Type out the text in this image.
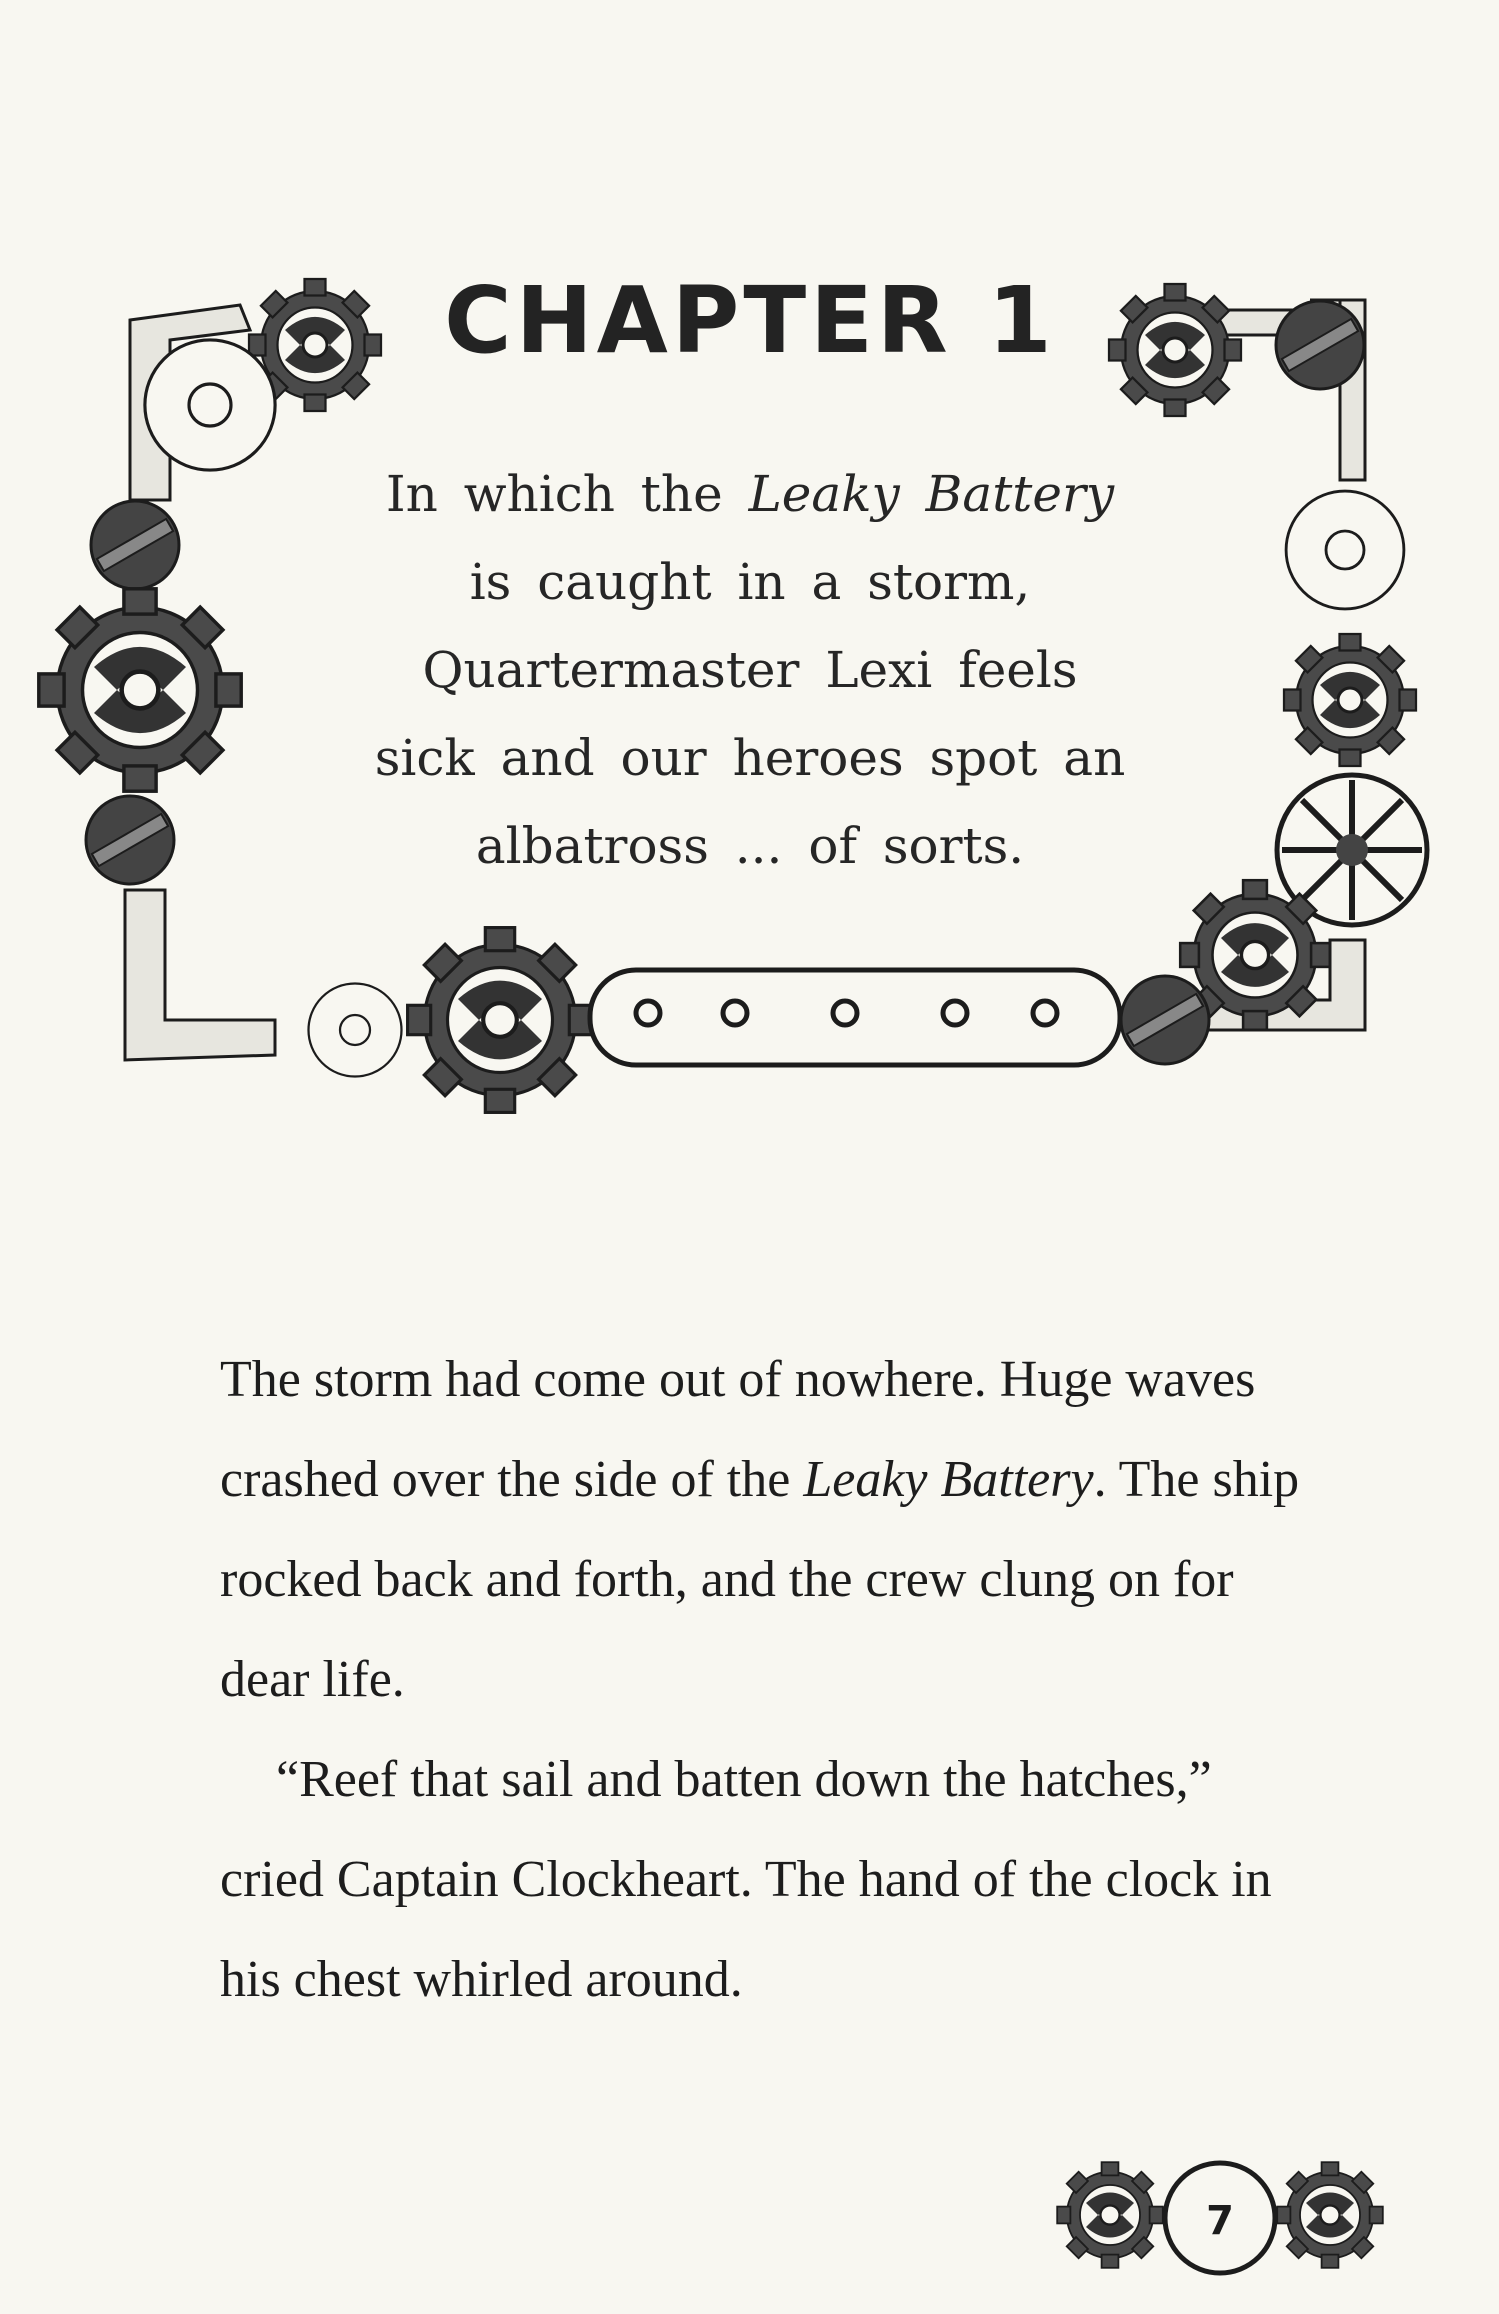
CHAPTER 1
In which the Leaky Battery
is caught in a storm,
Quartermaster Lexi feels
sick and our heroes spot an
albatross ... of sorts.

The storm had come out of nowhere. Huge waves crashed over the side of the Leaky Battery. The ship rocked back and forth, and the crew clung on for dear life.

“Reef that sail and batten down the hatches,” cried Captain Clockheart. The hand of the clock in his chest whirled around.

7
